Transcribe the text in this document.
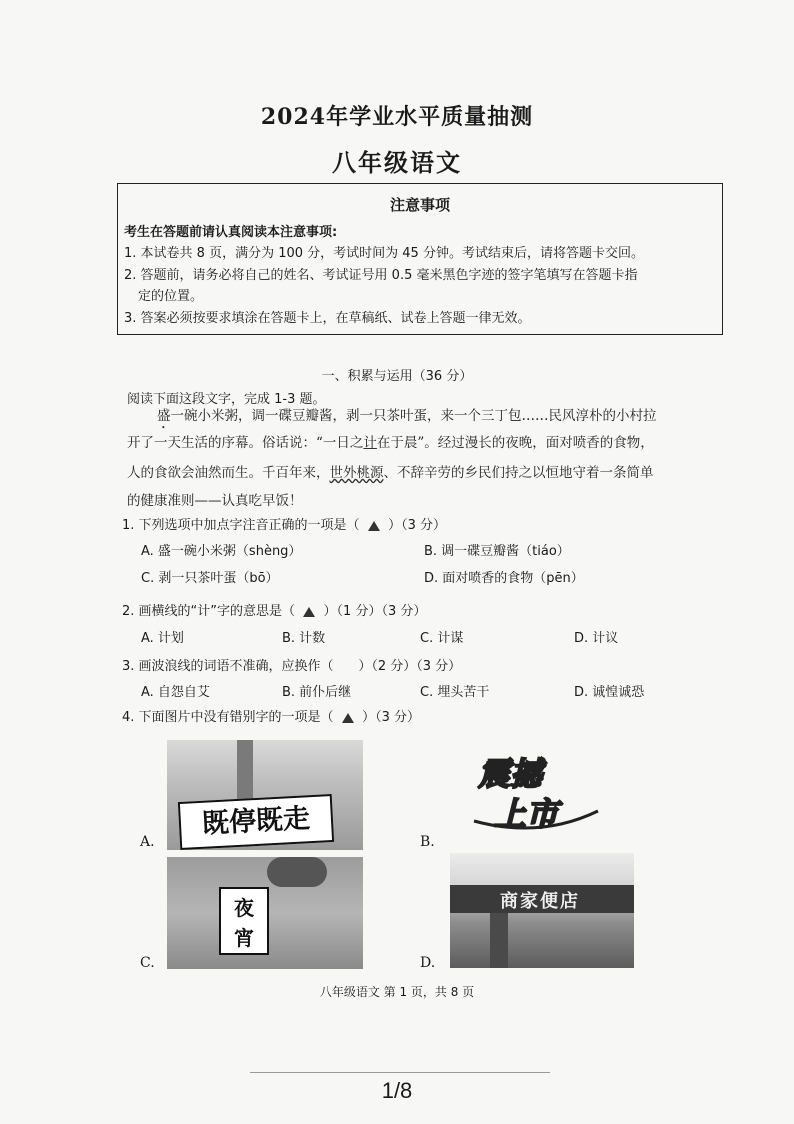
2024年学业水平质量抽测
八年级语文
注意事项
考生在答题前请认真阅读本注意事项:
1. 本试卷共 8 页，满分为 100 分，考试时间为 45 分钟。考试结束后，请将答题卡交回。
2. 答题前，请务必将自己的姓名、考试证号用 0.5 毫米黑色字迹的签字笔填写在答题卡指
定的位置。
3. 答案必须按要求填涂在答题卡上，在草稿纸、试卷上答题一律无效。
一、积累与运用（36 分）
阅读下面这段文字，完成 1-3 题。
盛一碗小米粥，调一碟豆瓣酱，剥一只茶叶蛋，来一个三丁包……民风淳朴的小村拉
开了一天生活的序幕。俗话说：“一日之计在于晨”。经过漫长的夜晚，面对喷香的食物，
人的食欲会油然而生。千百年来，世外桃源、不辞辛劳的乡民们持之以恒地守着一条简单
的健康准则——认真吃早饭！
1. 下列选项中加点字注音正确的一项是（ ）（3 分）
A. 盛一碗小米粥（shèng）	B. 调一碟豆瓣酱（tiáo）
C. 剥一只茶叶蛋（bō）	D. 面对喷香的食物（pēn）
2. 画横线的“计”字的意思是（ ）（1 分）（3 分）
A. 计划	B. 计数	C. 计谋	D. 计议
3. 画波浪线的词语不准确，应换作（ ）（2 分）（3 分）
A. 自怨自艾	B. 前仆后继	C. 埋头苦干	D. 诚惶诚恐
4. 下面图片中没有错别字的一项是（ ）（3 分）
A.
既停既走
B.
震撼
上市
C.
夜
宵
D.
商家便店
八年级语文 第 1 页，共 8 页
1/8
